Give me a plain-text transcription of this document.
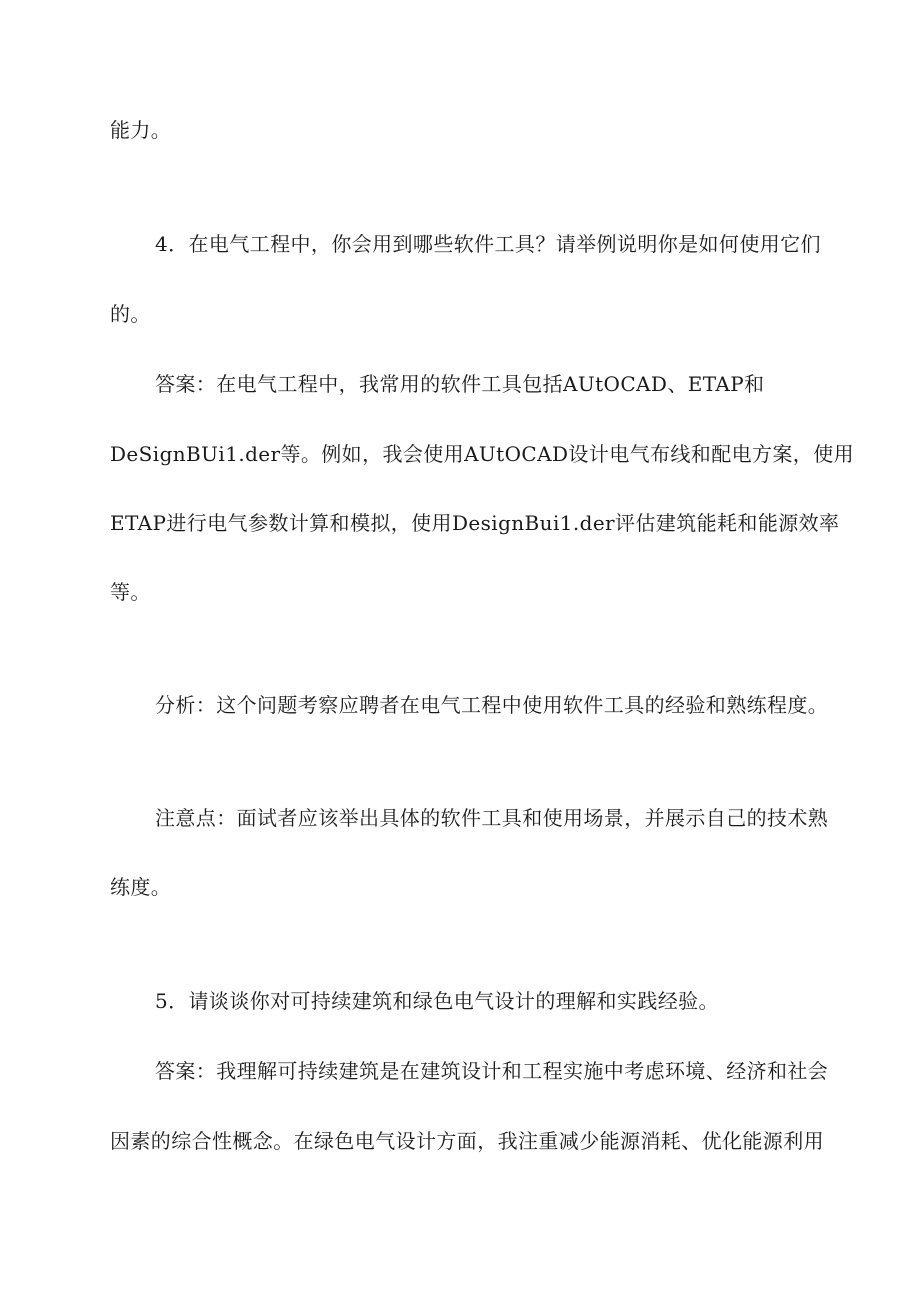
能力。
4．在电气工程中，你会用到哪些软件工具？请举例说明你是如何使用它们
的。
答案：在电气工程中，我常用的软件工具包括AUtOCAD、ETAP和
DeSignBUi1.der等。例如，我会使用AUtOCAD设计电气布线和配电方案，使用
ETAP进行电气参数计算和模拟，使用DesignBui1.der评估建筑能耗和能源效率
等。
分析：这个问题考察应聘者在电气工程中使用软件工具的经验和熟练程度。
注意点：面试者应该举出具体的软件工具和使用场景，并展示自己的技术熟
练度。
5．请谈谈你对可持续建筑和绿色电气设计的理解和实践经验。
答案：我理解可持续建筑是在建筑设计和工程实施中考虑环境、经济和社会
因素的综合性概念。在绿色电气设计方面，我注重减少能源消耗、优化能源利用
